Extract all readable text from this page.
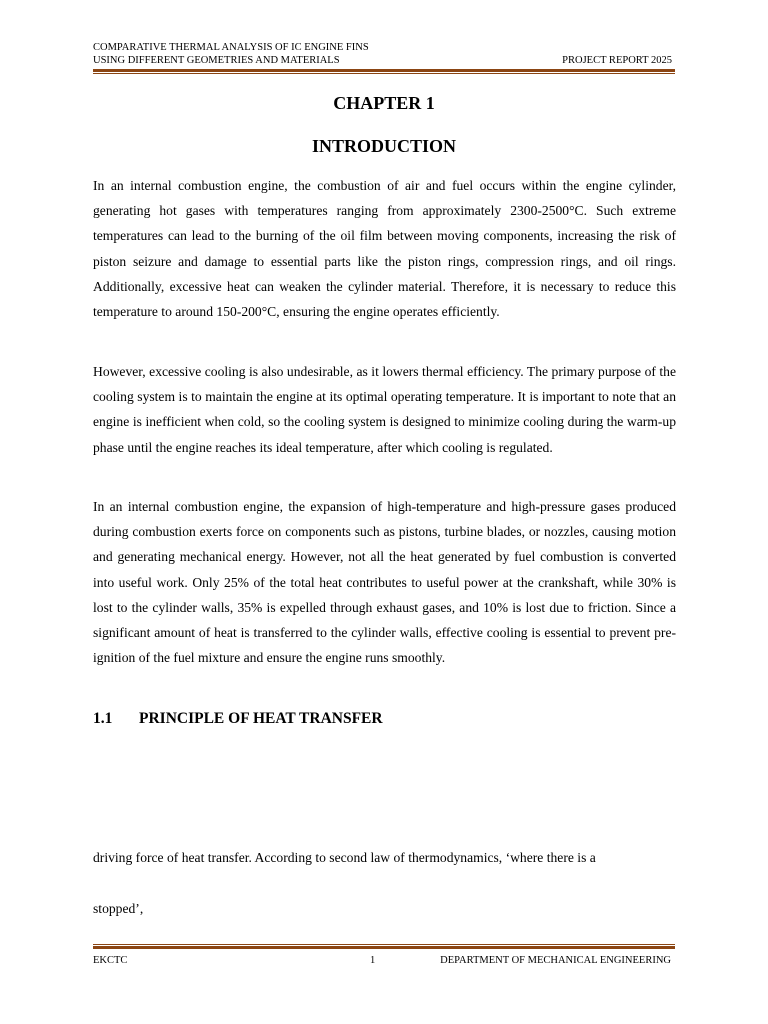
COMPARATIVE THERMAL ANALYSIS OF IC ENGINE FINS
USING DIFFERENT GEOMETRIES AND MATERIALS	PROJECT REPORT 2025
CHAPTER 1
INTRODUCTION

In an internal combustion engine, the combustion of air and fuel occurs within the engine cylinder, generating hot gases with temperatures ranging from approximately 2300-2500°C. Such extreme temperatures can lead to the burning of the oil film between moving components, increasing the risk of piston seizure and damage to essential parts like the piston rings, compression rings, and oil rings. Additionally, excessive heat can weaken the cylinder material. Therefore, it is necessary to reduce this temperature to around 150-200°C, ensuring the engine operates efficiently.

However, excessive cooling is also undesirable, as it lowers thermal efficiency. The primary purpose of the cooling system is to maintain the engine at its optimal operating temperature. It is important to note that an engine is inefficient when cold, so the cooling system is designed to minimize cooling during the warm-up phase until the engine reaches its ideal temperature, after which cooling is regulated.

In an internal combustion engine, the expansion of high-temperature and high-pressure gases produced during combustion exerts force on components such as pistons, turbine blades, or nozzles, causing motion and generating mechanical energy. However, not all the heat generated by fuel combustion is converted into useful work. Only 25% of the total heat contributes to useful power at the crankshaft, while 30% is lost to the cylinder walls, 35% is expelled through exhaust gases, and 10% is lost due to friction. Since a significant amount of heat is transferred to the cylinder walls, effective cooling is essential to prevent pre-ignition of the fuel mixture and ensure the engine runs smoothly.

1.1 PRINCIPLE OF HEAT TRANSFER
driving force of heat transfer. According to second law of thermodynamics, ‘where there is a
stopped’,
EKCTC	1	DEPARTMENT OF MECHANICAL ENGINEERING
